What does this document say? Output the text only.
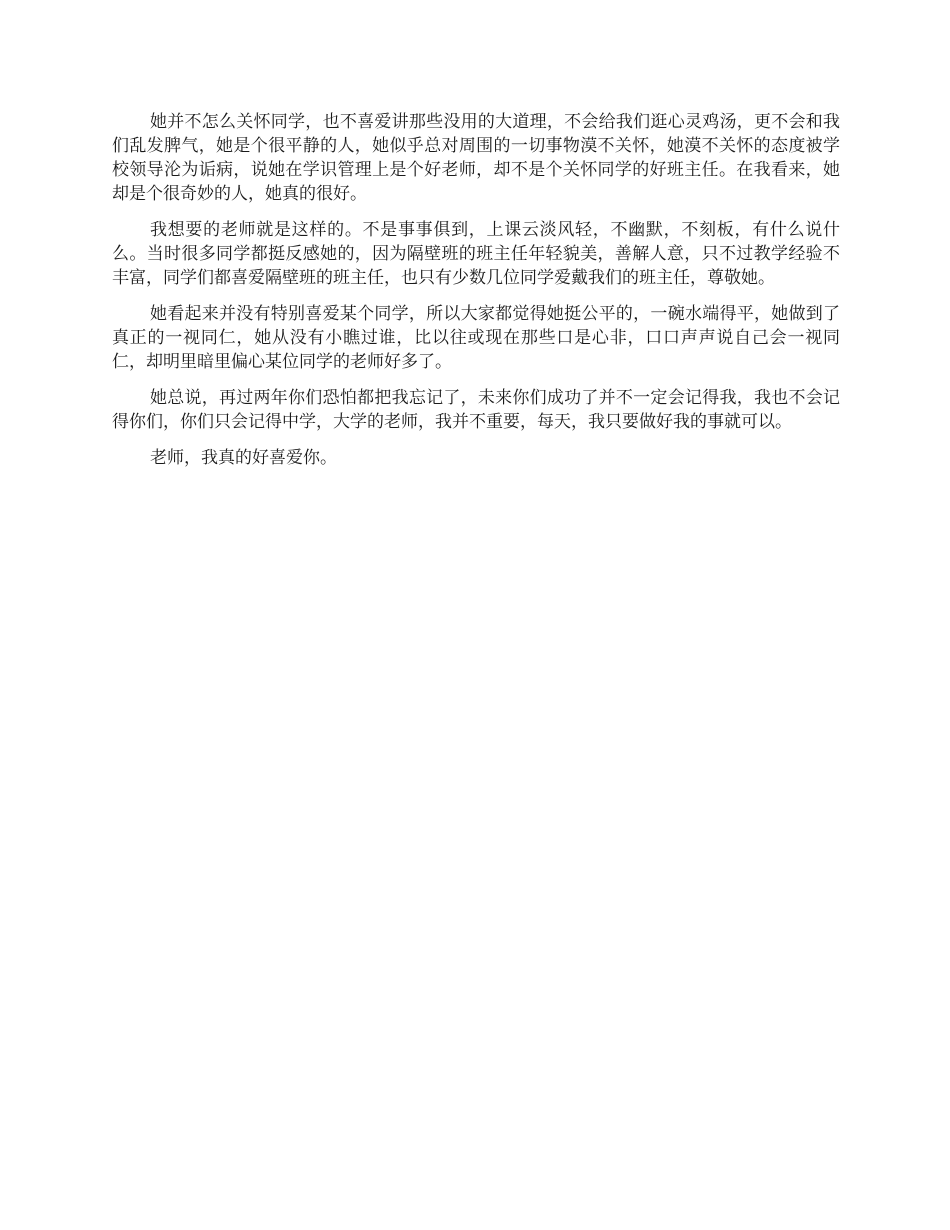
她并不怎么关怀同学，也不喜爱讲那些没用的大道理，不会给我们逛心灵鸡汤，更不会和我们乱发脾气，她是个很平静的人，她似乎总对周围的一切事物漠不关怀，她漠不关怀的态度被学校领导沦为诟病，说她在学识管理上是个好老师，却不是个关怀同学的好班主任。在我看来，她却是个很奇妙的人，她真的很好。

我想要的老师就是这样的。不是事事俱到，上课云淡风轻，不幽默，不刻板，有什么说什么。当时很多同学都挺反感她的，因为隔壁班的班主任年轻貌美，善解人意，只不过教学经验不丰富，同学们都喜爱隔壁班的班主任，也只有少数几位同学爱戴我们的班主任，尊敬她。

她看起来并没有特别喜爱某个同学，所以大家都觉得她挺公平的，一碗水端得平，她做到了真正的一视同仁，她从没有小瞧过谁，比以往或现在那些口是心非，口口声声说自己会一视同仁，却明里暗里偏心某位同学的老师好多了。

她总说，再过两年你们恐怕都把我忘记了，未来你们成功了并不一定会记得我，我也不会记得你们，你们只会记得中学，大学的老师，我并不重要，每天，我只要做好我的事就可以。

老师，我真的好喜爱你。
